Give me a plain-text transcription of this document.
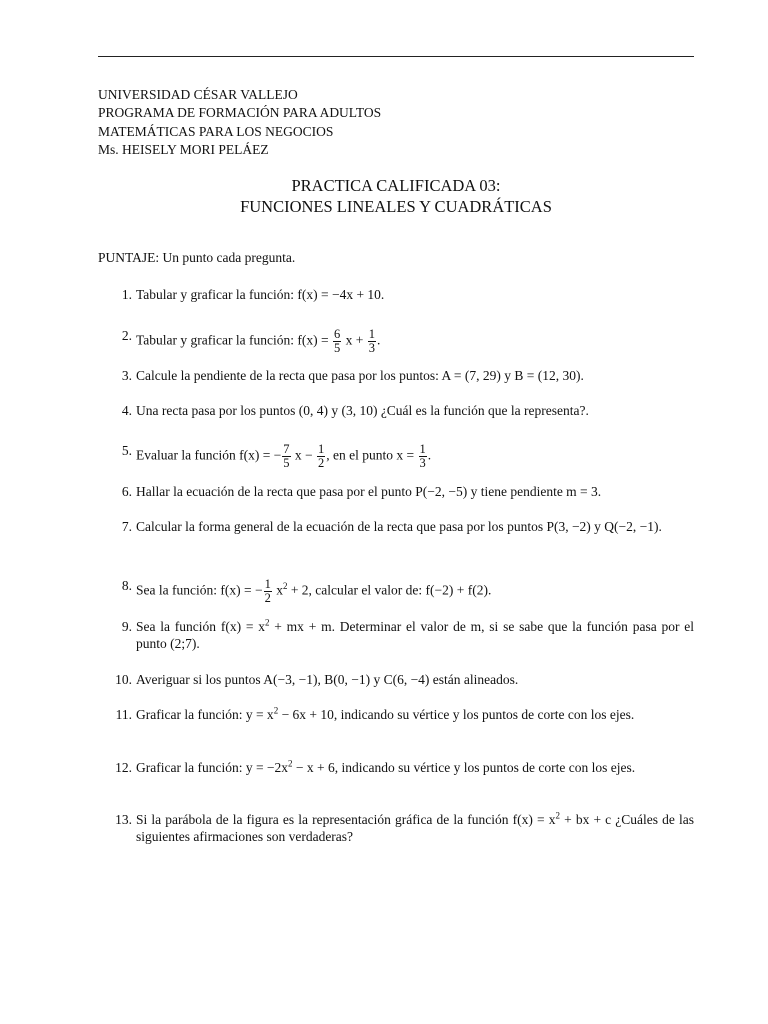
UNIVERSIDAD CÉSAR VALLEJO
PROGRAMA DE FORMACIÓN PARA ADULTOS
MATEMÁTICAS PARA LOS NEGOCIOS
Ms. HEISELY MORI PELÁEZ
PRACTICA CALIFICADA 03:
FUNCIONES LINEALES Y CUADRÁTICAS
PUNTAJE: Un punto cada pregunta.
1. Tabular y graficar la función: f(x) = −4x + 10.
2. Tabular y graficar la función: $f(x) = \frac{6}{5}$ $x + \frac{1}{3}$ .
3. Calcule la pendiente de la recta que pasa por los puntos: A = (7, 29) y B = (12, 30).
4. Una recta pasa por los puntos (0, 4) y (3, 10) ¿Cuál es la función que la representa?.
5. Evaluar la función f(x) = − $\frac{7}{5}$ $x - \frac{1}{2}$ , en el punto $x = \frac{1}{3}$ .
6. Hallar la ecuación de la recta que pasa por el punto P(−2, −5) y tiene pendiente m = 3.
7. Calcular la forma general de la ecuación de la recta que pasa por los puntos P(3, −2) y Q(−2, −1).
8. Sea la función: f(x) = − $\frac{1}{2} x^2 + 2$, calcular el valor de: f(−2) + f(2).
9. Sea la función $f(x) = x^2$ + mx + m. Determinar el valor de m, si se sabe que la función pasa por el punto (2;7).
10. Averiguar si los puntos A(−3, −1), B(0, −1) y C(6, −4) están alineados.
11. Graficar la función: $y = x^2 - 6x + 10$, indicando su vértice y los puntos de corte con los ejes.
12. Graficar la función: $y = -2x^2 - x + 6$, indicando su vértice y los puntos de corte con los ejes.
13. Si la parábola de la figura es la representación gráfica de la función $f(x) = x^2$ + bx + c ¿Cuáles de las siguientes afirmaciones son verdaderas?
